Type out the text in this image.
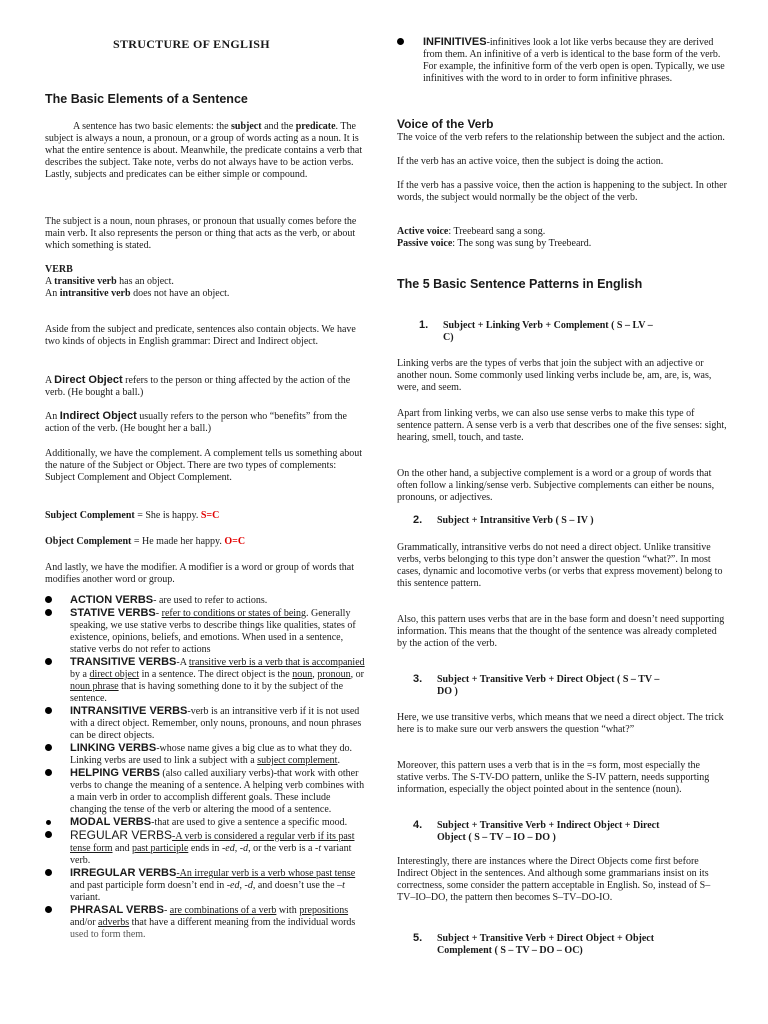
STRUCTURE OF ENGLISH
The Basic Elements of a Sentence

A sentence has two basic elements: the subject and the predicate. The subject is always a noun, a pronoun, or a group of words acting as a noun. It is what the entire sentence is about. Meanwhile, the predicate contains a verb that describes the subject. Take note, verbs do not always have to be action verbs. Lastly, subjects and predicates can be either simple or compound.

The subject is a noun, noun phrases, or pronoun that usually comes before the main verb. It also represents the person or thing that acts as the verb, or about which something is stated.

VERB

A transitive verb has an object.

An intransitive verb does not have an object.

Aside from the subject and predicate, sentences also contain objects. We have two kinds of objects in English grammar: Direct and Indirect object.

A Direct Object refers to the person or thing affected by the action of the verb. (He bought a ball.)

An Indirect Object usually refers to the person who “benefits” from the action of the verb. (He bought her a ball.)

Additionally, we have the complement. A complement tells us something about the nature of the Subject or Object. There are two types of complements: Subject Complement and Object Complement.

Subject Complement = She is happy. S=C

Object Complement = He made her happy. O=C

And lastly, we have the modifier. A modifier is a word or group of words that modifies another word or group.

ACTION VERBS- are used to refer to actions.
STATIVE VERBS- refer to conditions or states of being. Generally speaking, we use stative verbs to describe things like qualities, states of existence, opinions, beliefs, and emotions. When used in a sentence, stative verbs do not refer to actions
TRANSITIVE VERBS-A transitive verb is a verb that is accompanied by a direct object in a sentence. The direct object is the noun, pronoun, or noun phrase that is having something done to it by the subject of the sentence.
INTRANSITIVE VERBS-verb is an intransitive verb if it is not used with a direct object. Remember, only nouns, pronouns, and noun phrases can be direct objects.
LINKING VERBS-whose name gives a big clue as to what they do. Linking verbs are used to link a subject with a subject complement.
HELPING VERBS (also called auxiliary verbs)-that work with other verbs to change the meaning of a sentence. A helping verb combines with a main verb in order to accomplish different goals. These include changing the tense of the verb or altering the mood of a sentence.
MODAL VERBS-that are used to give a sentence a specific mood.
REGULAR VERBS-A verb is considered a regular verb if its past tense form and past participle ends in -ed, -d, or the verb is a -t variant verb.
IRREGULAR VERBS-An irregular verb is a verb whose past tense and past participle form doesn’t end in -ed, -d, and doesn’t use the –t variant.
PHRASAL VERBS- are combinations of a verb with prepositions and/or adverbs that have a different meaning from the individual words used to form them.
INFINITIVES-infinitives look a lot like verbs because they are derived from them. An infinitive of a verb is identical to the base form of the verb. For example, the infinitive form of the verb open is open. Typically, we use infinitives with the word to in order to form infinitive phrases.
Voice of the Verb

The voice of the verb refers to the relationship between the subject and the action.

If the verb has an active voice, then the subject is doing the action.

If the verb has a passive voice, then the action is happening to the subject. In other words, the subject would normally be the object of the verb.

Active voice: Treebeard sang a song.

Passive voice: The song was sung by Treebeard.

The 5 Basic Sentence Patterns in English
1. Subject + Linking Verb + Complement ( S – LV –
C)

Linking verbs are the types of verbs that join the subject with an adjective or another noun. Some commonly used linking verbs include be, am, are, is, was, were, and seem.

Apart from linking verbs, we can also use sense verbs to make this type of sentence pattern. A sense verb is a verb that describes one of the five senses: sight, hearing, smell, touch, and taste.

On the other hand, a subjective complement is a word or a group of words that often follow a linking/sense verb. Subjective complements can either be nouns, pronouns, or adjectives.

2. Subject + Intransitive Verb ( S – IV )

Grammatically, intransitive verbs do not need a direct object. Unlike transitive verbs, verbs belonging to this type don’t answer the question “what?”. In most cases, dynamic and locomotive verbs (or verbs that express movement) belong to this sentence pattern.

Also, this pattern uses verbs that are in the base form and doesn’t need supporting information. This means that the thought of the sentence was already completed by the action of the verb.

3. Subject + Transitive Verb + Direct Object ( S – TV –
DO )

Here, we use transitive verbs, which means that we need a direct object. The trick here is to make sure our verb answers the question “what?”

Moreover, this pattern uses a verb that is in the =s form, most especially the stative verbs. The S-TV-DO pattern, unlike the S-IV pattern, needs supporting information, especially the object pointed about in the sentence (noun).

4. Subject + Transitive Verb + Indirect Object + Direct
Object ( S – TV – IO – DO )

Interestingly, there are instances where the Direct Objects come first before Indirect Object in the sentences. And although some grammarians insist on its correctness, some consider the pattern acceptable in English. So, instead of S–TV–IO–DO, the pattern then becomes S–TV–DO-IO.

5. Subject + Transitive Verb + Direct Object + Object
Complement ( S – TV – DO – OC)
